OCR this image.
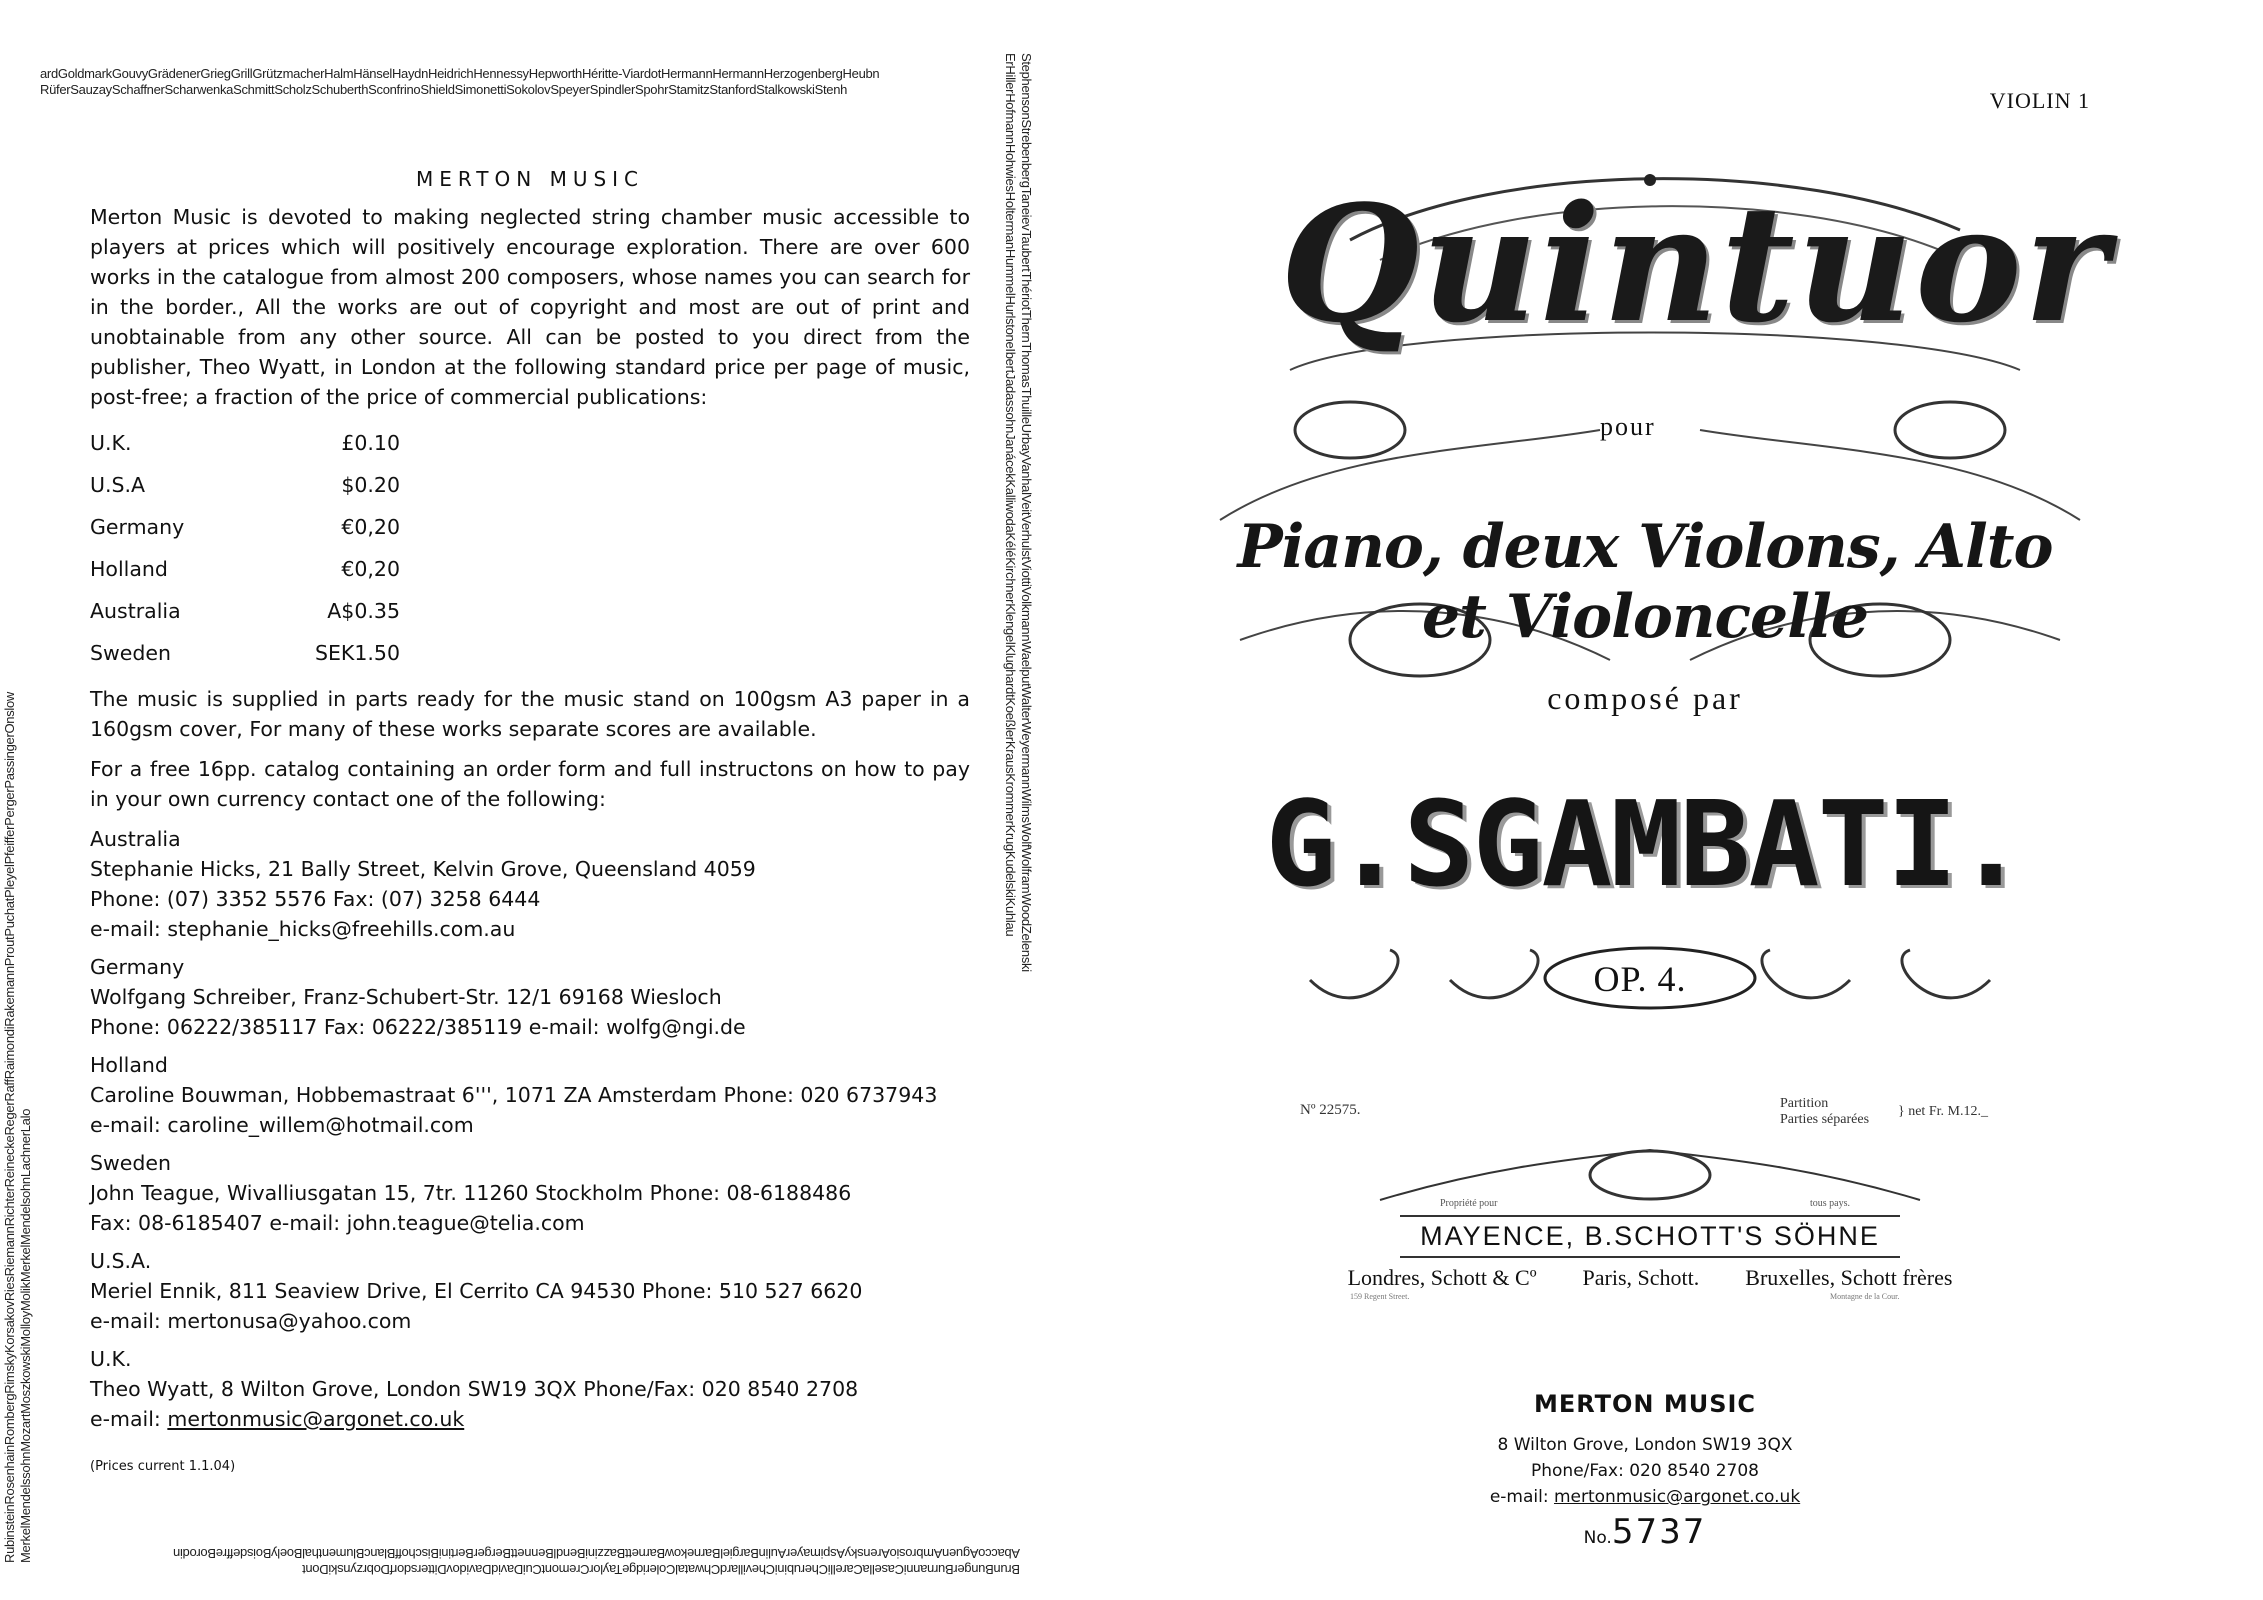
ardGoldmarkGouvyGrädenerGriegGrillGrützmacherHalmHänselHaydnHeidrichHennessyHepworthHéritte-ViardotHermannHermannHerzogenbergHeubn
RüferSauzaySchaffnerScharwenkaSchmittScholzSchuberthSconfrinoShieldSimonettiSokolovSpeyerSpindlerSpohrStamitzStanfordStalkowskiStenh
AbaccoAguenAmbrosioArenskyAspimayerAulinBargielBarnekowBarnettBazziniBendlBennettBergerBertiniBischoffBlancBlumenthalBoelyBoisdeffreBorodin
BrunBungerBurnanniCasellaCarelliCherubiniChevillardChwatalColeridgeTaylorCremontCuiDavidDavidovDittersdorfDobrzynskiDont
RubinsteinRosenhainRombergRimskyKorsakovRiesRiemannRichterReineckeRegerRaffRaimondiRakemannProutPuchatPleyelPfeifferPergerPassingerOnslow MerkelMendelssohnMozartMoszkowskiMolloyMolikMerkelMendelsohnLachnerLalo
ErHillerHofmannHohwiesHoltermanHummelHurlstoneIbertJadassohnJanácekKalliwodaKéléKirchnerKlengelKlughardtKoeßlerKrausKrommerKrugKudelskiKuhlau StephensonStrebenbergTaneievTaubertThériotThernThomasThuilleUrbayVanhalVeitVerhulstViottiVolkmannWaelputWalterWeyermannWilmsWolfWolframWoodZelenski
MERTON MUSIC

Merton Music is devoted to making neglected string chamber music accessible to players at prices which will positively encourage exploration. There are over 600 works in the catalogue from almost 200 composers, whose names you can search for in the border., All the works are out of copyright and most are out of print and unobtainable from any other source. All can be posted to you direct from the publisher, Theo Wyatt, in London at the following standard price per page of music, post-free; a fraction of the price of commercial publications:

U.K.	£0.10
U.S.A	$0.20
Germany	€0,20
Holland	€0,20
Australia	A$0.35
Sweden	SEK1.50

The music is supplied in parts ready for the music stand on 100gsm A3 paper in a 160gsm cover, For many of these works separate scores are available.

For a free 16pp. catalog containing an order form and full instructons on how to pay in your own currency contact one of the following:

Australia
Stephanie Hicks, 21 Bally Street, Kelvin Grove, Queensland 4059
Phone: (07) 3352 5576 Fax: (07) 3258 6444
e-mail: stephanie_hicks@freehills.com.au
Germany
Wolfgang Schreiber, Franz-Schubert-Str. 12/1 69168 Wiesloch
Phone: 06222/385117 Fax: 06222/385119 e-mail: wolfg@ngi.de
Holland
Caroline Bouwman, Hobbemastraat 6''', 1071 ZA Amsterdam Phone: 020 6737943
e-mail: caroline_willem@hotmail.com
Sweden
John Teague, Wivalliusgatan 15, 7tr. 11260 Stockholm Phone: 08-6188486
Fax: 08-6185407 e-mail: john.teague@telia.com
U.S.A.
Meriel Ennik, 811 Seaview Drive, El Cerrito CA 94530 Phone: 510 527 6620
e-mail: mertonusa@yahoo.com
U.K.
Theo Wyatt, 8 Wilton Grove, London SW19 3QX Phone/Fax: 020 8540 2708
e-mail: mertonmusic@argonet.co.uk
(Prices current 1.1.04)
VIOLIN 1
Quintuor
pour
Piano, deux Violons, Alto et Violoncelle
composé par
G.SGAMBATI.
OP. 4.
Nº 22575.	Partition
Parties séparées
} net Fr. M.12._
Propriété pour	tous pays.
MAYENCE, B.SCHOTT'S SÖHNE
Londres, Schott & Cº Paris, Schott. Bruxelles, Schott frères
159 Regent Street.	Montagne de la Cour.
MERTON MUSIC
8 Wilton Grove, London SW19 3QX
Phone/Fax: 020 8540 2708
e-mail: mertonmusic@argonet.co.uk
No.5737
